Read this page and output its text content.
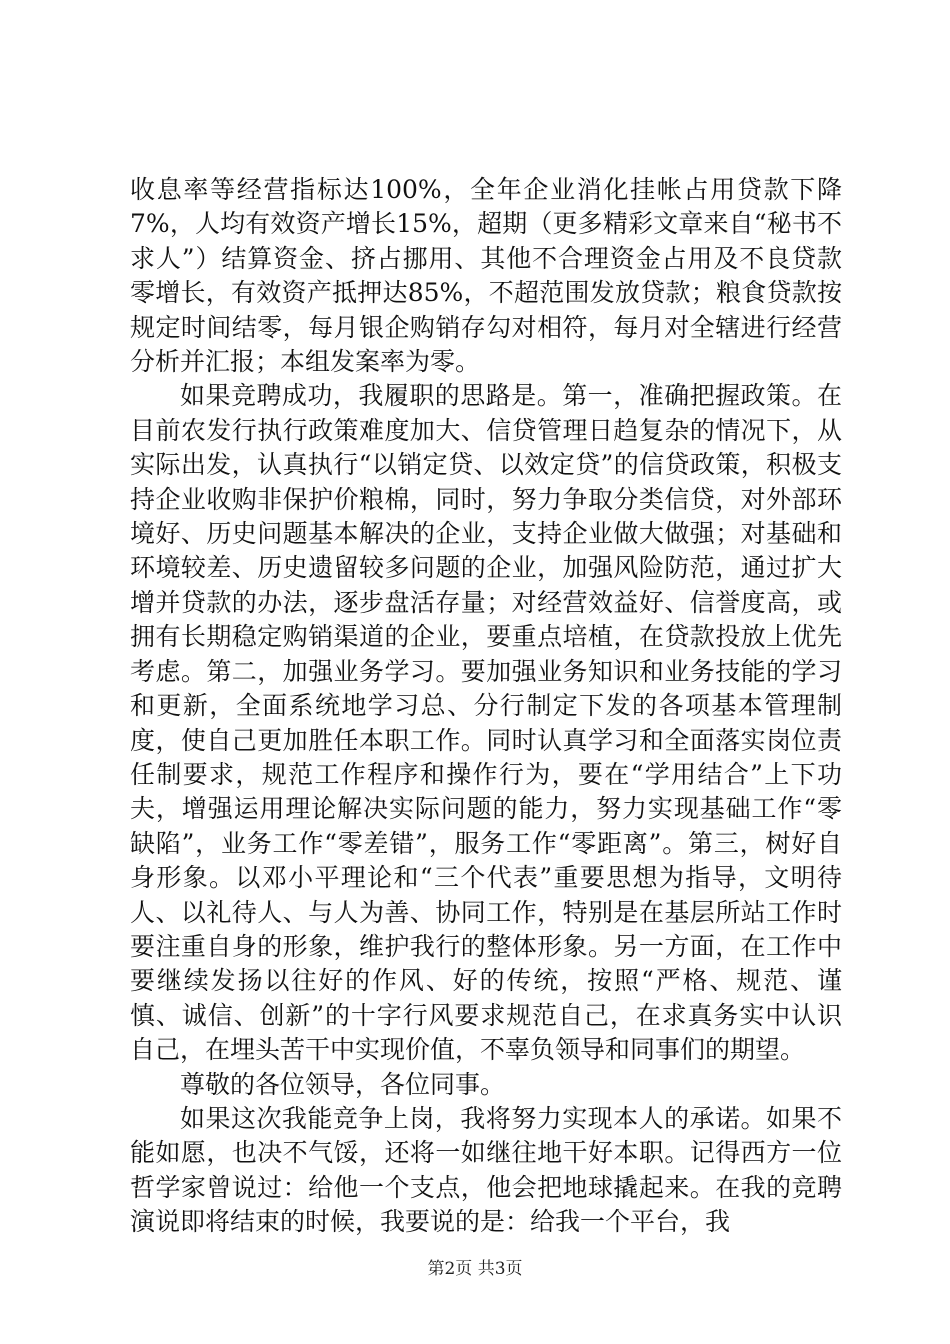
收息率等经营指标达100%，全年企业消化挂帐占用贷款下降7%，人均有效资产增长15%，超期（更多精彩文章来自“秘书不求人”）结算资金、挤占挪用、其他不合理资金占用及不良贷款零增长，有效资产抵押达85%，不超范围发放贷款；粮食贷款按规定时间结零，每月银企购销存勾对相符，每月对全辖进行经营分析并汇报；本组发案率为零。

如果竞聘成功，我履职的思路是。第一，准确把握政策。在目前农发行执行政策难度加大、信贷管理日趋复杂的情况下，从实际出发，认真执行“以销定贷、以效定贷”的信贷政策，积极支持企业收购非保护价粮棉，同时，努力争取分类信贷，对外部环境好、历史问题基本解决的企业，支持企业做大做强；对基础和环境较差、历史遗留较多问题的企业，加强风险防范，通过扩大增并贷款的办法，逐步盘活存量；对经营效益好、信誉度高，或拥有长期稳定购销渠道的企业，要重点培植，在贷款投放上优先考虑。第二，加强业务学习。要加强业务知识和业务技能的学习和更新，全面系统地学习总、分行制定下发的各项基本管理制度，使自己更加胜任本职工作。同时认真学习和全面落实岗位责任制要求，规范工作程序和操作行为，要在“学用结合”上下功夫，增强运用理论解决实际问题的能力，努力实现基础工作“零缺陷”，业务工作“零差错”，服务工作“零距离”。第三，树好自身形象。以邓小平理论和“三个代表”重要思想为指导，文明待人、以礼待人、与人为善、协同工作，特别是在基层所站工作时要注重自身的形象，维护我行的整体形象。另一方面，在工作中要继续发扬以往好的作风、好的传统，按照“严格、规范、谨慎、诚信、创新”的十字行风要求规范自己，在求真务实中认识自己，在埋头苦干中实现价值，不辜负领导和同事们的期望。

尊敬的各位领导，各位同事。

如果这次我能竞争上岗，我将努力实现本人的承诺。如果不能如愿，也决不气馁，还将一如继往地干好本职。记得西方一位哲学家曾说过：给他一个支点，他会把地球撬起来。在我的竞聘演说即将结束的时候，我要说的是：给我一个平台，我

第2页 共3页
